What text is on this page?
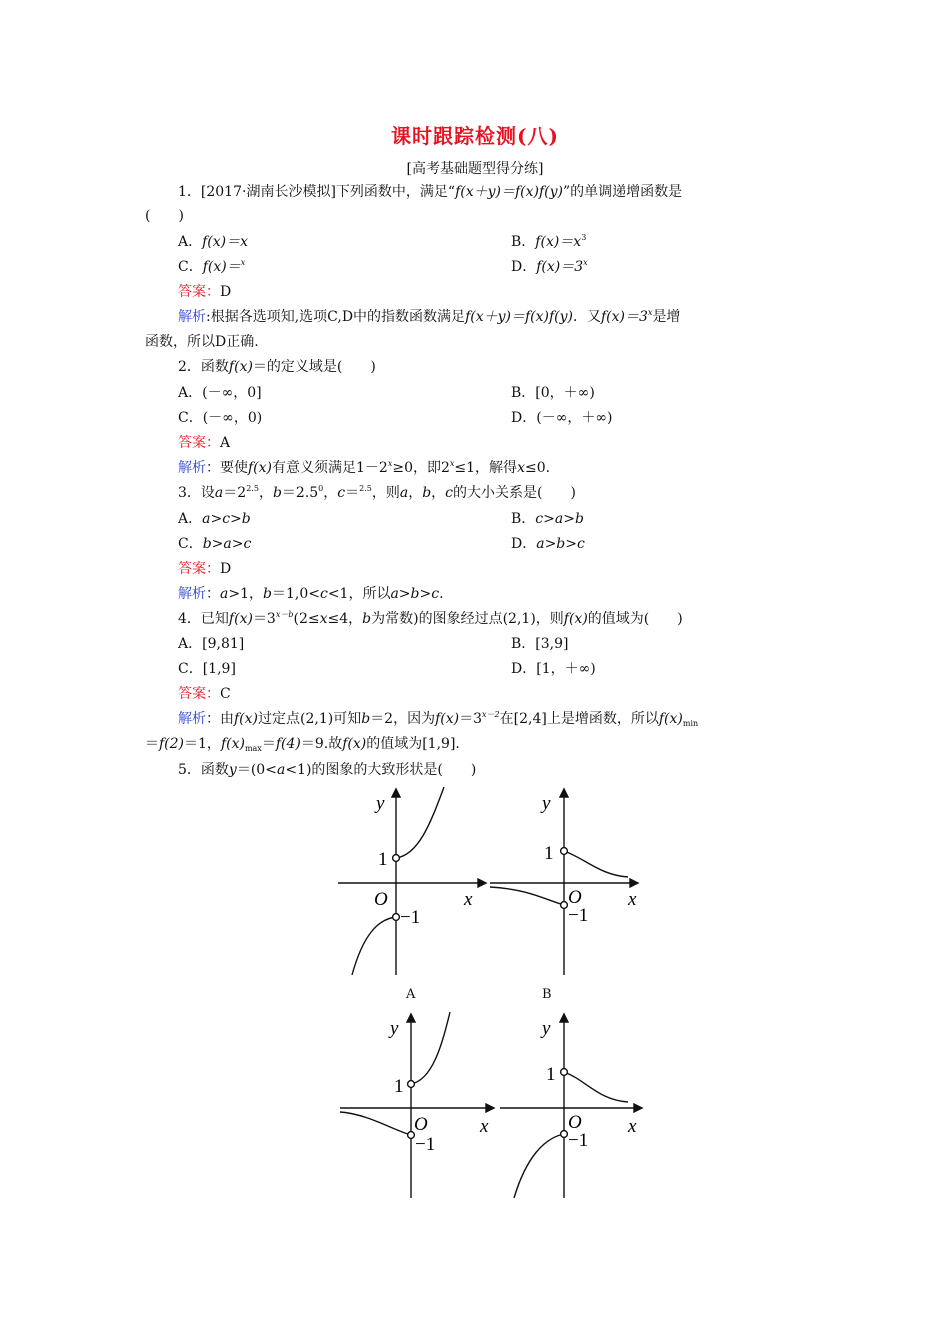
课时跟踪检测(八)
[高考基础题型得分练]
1．[2017·湖南长沙模拟]下列函数中，满足“f(x＋y)＝f(x)f(y)”的单调递增函数是
(　　)
A．f(x)＝x	B．$f(x)=x^3$
C．f(x)＝$^x$	D．$f(x)=3^x$
答案：D
解析:根据各选项知,选项C,D中的指数函数满足f(x＋y)＝f(x)f(y)．又$f(x)=3^x$是增
函数，所以D正确.
2．函数f(x)＝的定义域是(　　)
A．(－∞，0]	B．[0，＋∞)
C．(－∞，0)	D．(－∞，＋∞)
答案：A
解析：要使f(x)有意义须满足$1-2^x\ge 0$，即$2^x\le 1$，解得x≤0.
3．设$a=2^{2.5}$，$b=2.5^0$，c＝$^{2.5}$，则a，b，c的大小关系是(　　)
A．a>c>b	B．c>a>b
C．b>a>c	D．a>b>c
答案：D
解析：a>1，b＝1,0<c<1，所以a>b>c.
4．已知$f(x)=3^{x-b}(2\le x\le 4$，b为常数)的图象经过点(2,1)，则f(x)的值域为(　　)
A．[9,81]	B．[3,9]
C．[1,9]	D．[1，＋∞)
答案：C
解析：由f(x)过定点(2,1)可知b＝2，因为$f(x)=3^{x-2}$在[2,4]上是增函数，所以$f(x)_{min}$
＝f(2)＝1，$f(x)_{max}=f(4)=9$.故f(x)的值域为[1,9].
5．函数y＝(0<a<1)的图象的大致形状是(　　)
y
x
O
1
−1
y
x
O
1
−1
A	B
y
x
O
1
−1
y
x
O
1
−1
